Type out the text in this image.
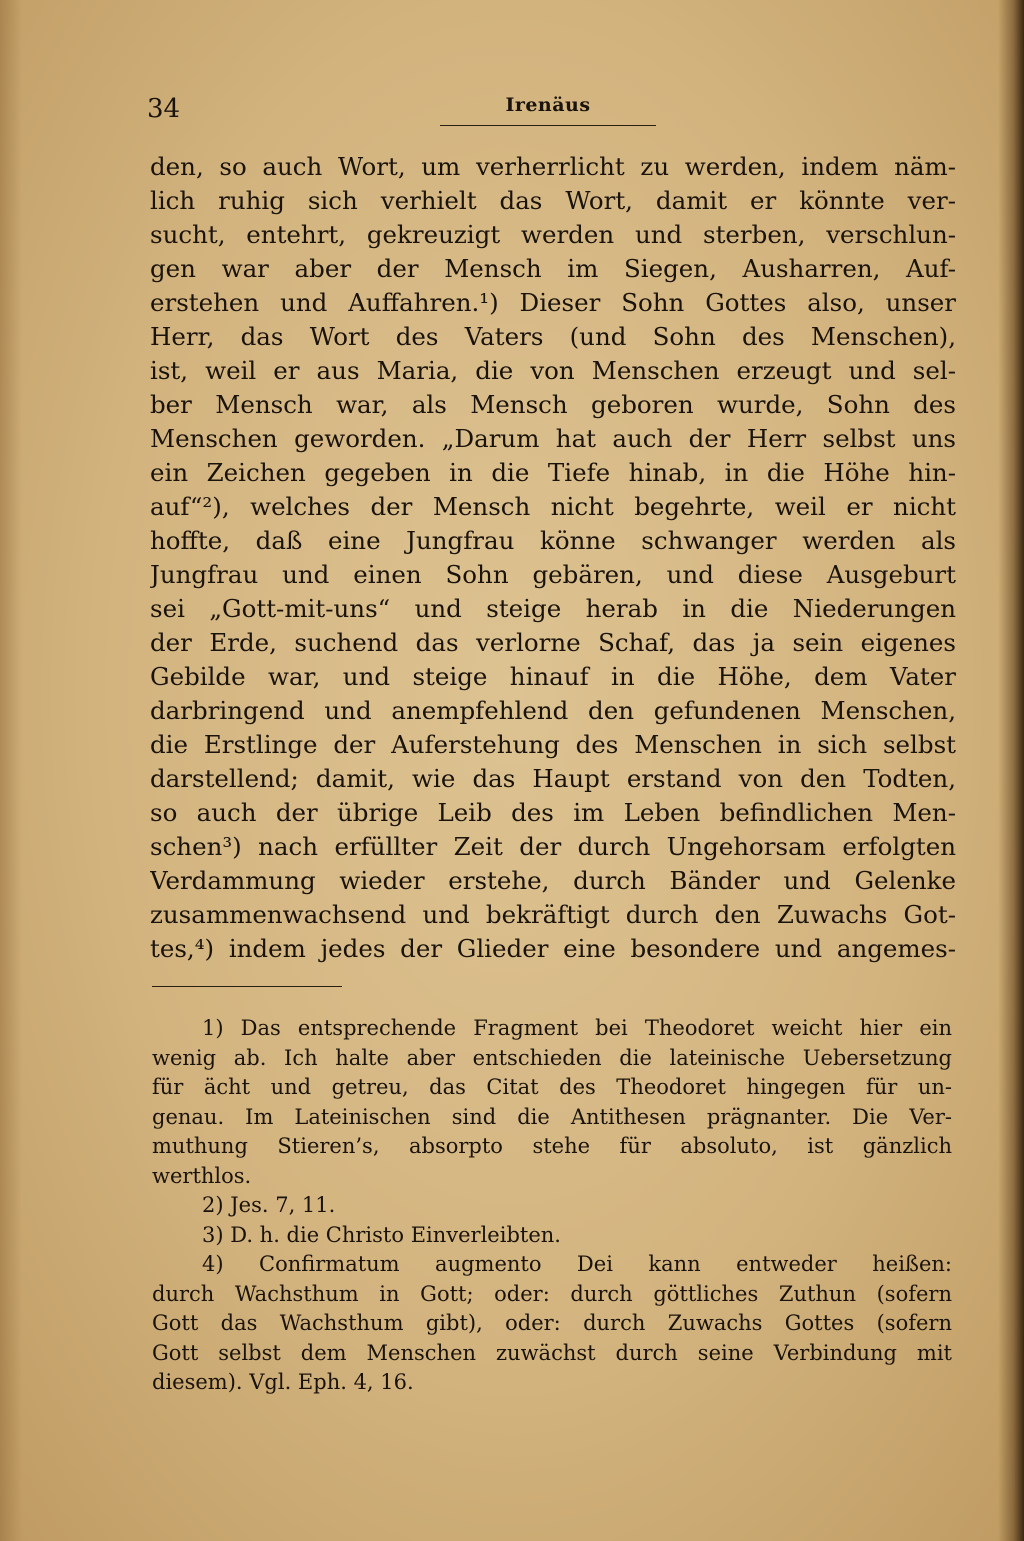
34	Irenäus
den, so auch Wort, um verherrlicht zu werden, indem näm-
lich ruhig sich verhielt das Wort, damit er könnte ver-
sucht, entehrt, gekreuzigt werden und sterben, verschlun-
gen war aber der Mensch im Siegen, Ausharren, Auf-
erstehen und Auffahren.¹) Dieser Sohn Gottes also, unser
Herr, das Wort des Vaters (und Sohn des Menschen),
ist, weil er aus Maria, die von Menschen erzeugt und sel-
ber Mensch war, als Mensch geboren wurde, Sohn des
Menschen geworden. „Darum hat auch der Herr selbst uns
ein Zeichen gegeben in die Tiefe hinab, in die Höhe hin-
auf“²), welches der Mensch nicht begehrte, weil er nicht
hoffte, daß eine Jungfrau könne schwanger werden als
Jungfrau und einen Sohn gebären, und diese Ausgeburt
sei „Gott-mit-uns“ und steige herab in die Niederungen
der Erde, suchend das verlorne Schaf, das ja sein eigenes
Gebilde war, und steige hinauf in die Höhe, dem Vater
darbringend und anempfehlend den gefundenen Menschen,
die Erstlinge der Auferstehung des Menschen in sich selbst
darstellend; damit, wie das Haupt erstand von den Todten,
so auch der übrige Leib des im Leben befindlichen Men-
schen³) nach erfüllter Zeit der durch Ungehorsam erfolgten
Verdammung wieder erstehe, durch Bänder und Gelenke
zusammenwachsend und bekräftigt durch den Zuwachs Got-
tes,⁴) indem jedes der Glieder eine besondere und angemes-
1) Das entsprechende Fragment bei Theodoret weicht hier ein
wenig ab. Ich halte aber entschieden die lateinische Uebersetzung
für ächt und getreu, das Citat des Theodoret hingegen für un-
genau. Im Lateinischen sind die Antithesen prägnanter. Die Ver-
muthung Stieren’s, absorpto stehe für absoluto, ist gänzlich
werthlos.
2) Jes. 7, 11.
3) D. h. die Christo Einverleibten.
4) Confirmatum augmento Dei kann entweder heißen:
durch Wachsthum in Gott; oder: durch göttliches Zuthun (sofern
Gott das Wachsthum gibt), oder: durch Zuwachs Gottes (sofern
Gott selbst dem Menschen zuwächst durch seine Verbindung mit
diesem). Vgl. Eph. 4, 16.
